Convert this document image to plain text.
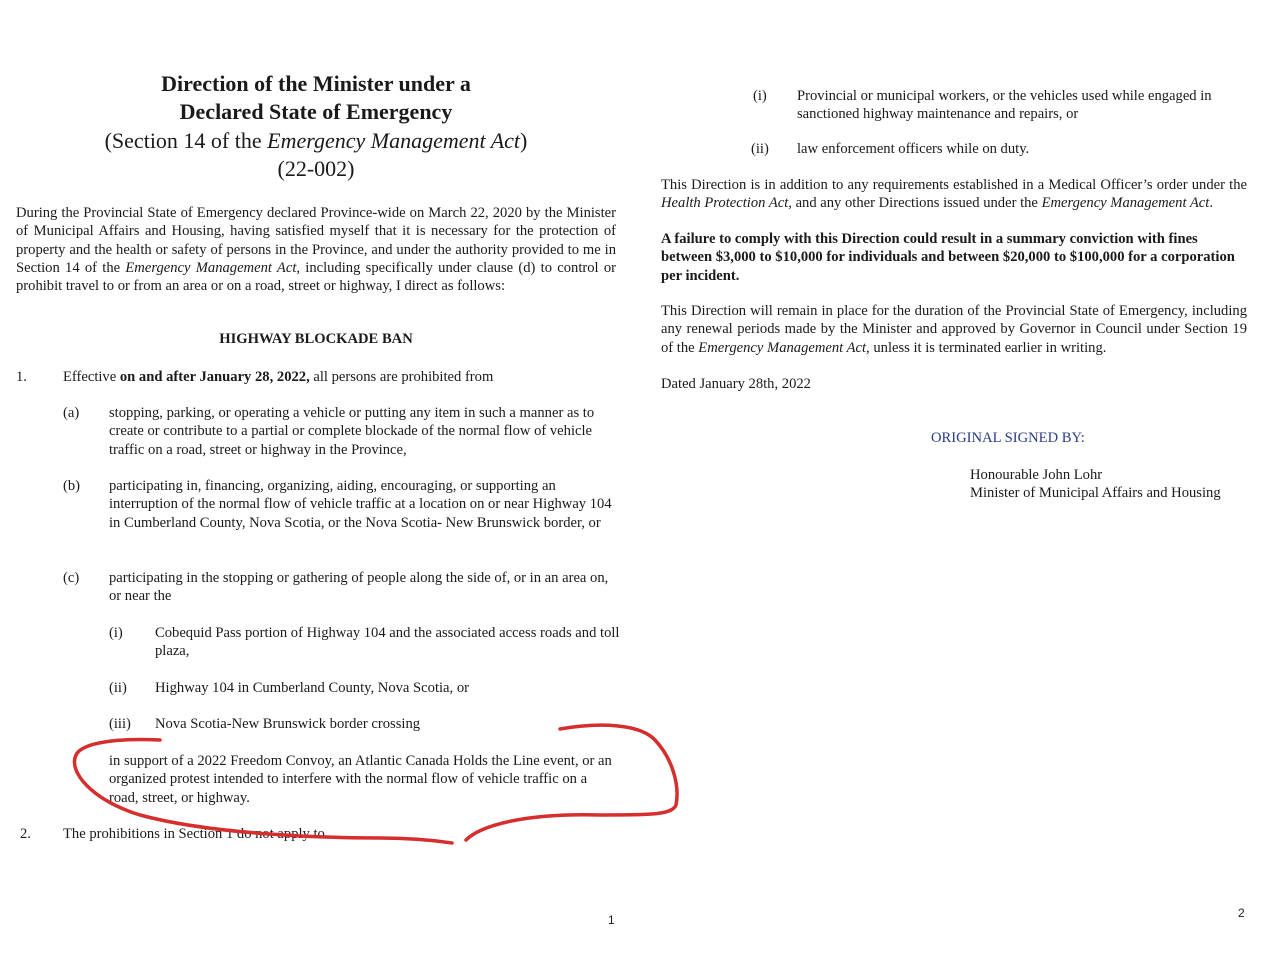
Direction of the Minister under a
Declared State of Emergency
(Section 14 of the Emergency Management Act)
(22-002)
During the Provincial State of Emergency declared Province-wide on March 22, 2020 by the Minister of Municipal Affairs and Housing, having satisfied myself that it is necessary for the protection of property and the health or safety of persons in the Province, and under the authority provided to me in Section 14 of the Emergency Management Act, including specifically under clause (d) to control or prohibit travel to or from an area or on a road, street or highway, I direct as follows:
HIGHWAY BLOCKADE BAN
1. Effective on and after January 28, 2022, all persons are prohibited from
(a) stopping, parking, or operating a vehicle or putting any item in such a manner as to create or contribute to a partial or complete blockade of the normal flow of vehicle traffic on a road, street or highway in the Province,
(b) participating in, financing, organizing, aiding, encouraging, or supporting an interruption of the normal flow of vehicle traffic at a location on or near Highway 104 in Cumberland County, Nova Scotia, or the Nova Scotia- New Brunswick border, or
(c) participating in the stopping or gathering of people along the side of, or in an area on, or near the
(i) Cobequid Pass portion of Highway 104 and the associated access roads and toll plaza,
(ii) Highway 104 in Cumberland County, Nova Scotia, or
(iii) Nova Scotia-New Brunswick border crossing
in support of a 2022 Freedom Convoy, an Atlantic Canada Holds the Line event, or an organized protest intended to interfere with the normal flow of vehicle traffic on a road, street, or highway.
2. The prohibitions in Section 1 do not apply to
1
(i) Provincial or municipal workers, or the vehicles used while engaged in sanctioned highway maintenance and repairs, or
(ii) law enforcement officers while on duty.
This Direction is in addition to any requirements established in a Medical Officer’s order under the Health Protection Act, and any other Directions issued under the Emergency Management Act.
A failure to comply with this Direction could result in a summary conviction with fines between $3,000 to $10,000 for individuals and between $20,000 to $100,000 for a corporation per incident.
This Direction will remain in place for the duration of the Provincial State of Emergency, including any renewal periods made by the Minister and approved by Governor in Council under Section 19 of the Emergency Management Act, unless it is terminated earlier in writing.
Dated January 28th, 2022
ORIGINAL SIGNED BY:
Honourable John Lohr
Minister of Municipal Affairs and Housing
2
